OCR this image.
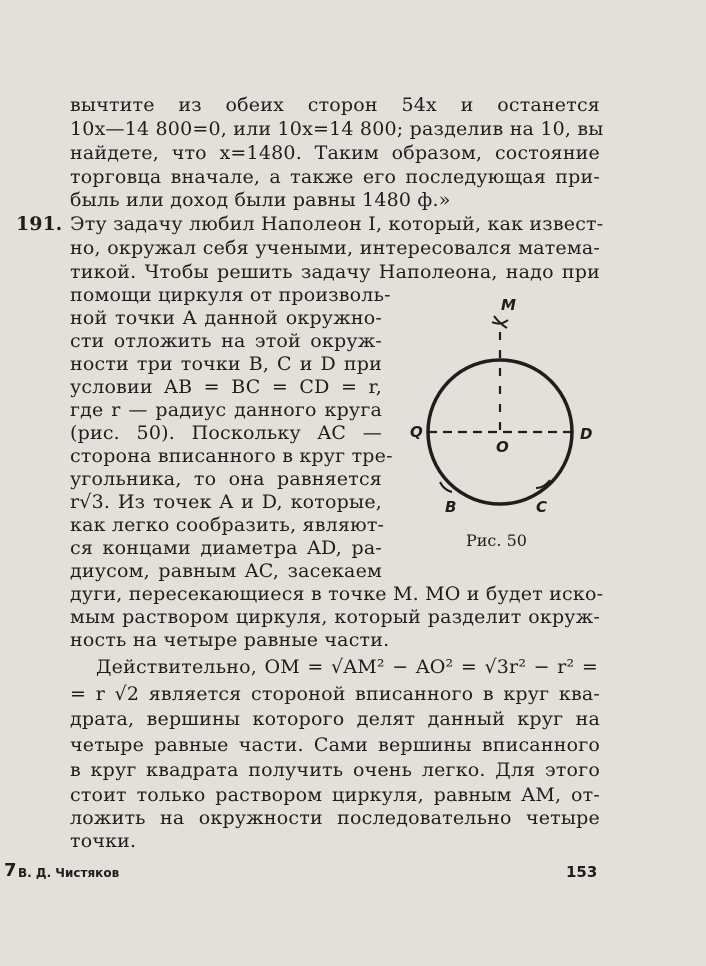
вычтите из обеих сторон 54x и останется
10x—14 800=0, или 10x=14 800; разделив на 10, вы
найдете, что x=1480. Таким образом, состояние
торговца вначале, а также его последующая при-
быль или доход были равны 1480 ф.»
191. Эту задачу любил Наполеон I, который, как извест-
но, окружал себя учеными, интересовался матема-
тикой. Чтобы решить задачу Наполеона, надо при
помощи циркуля от произволь-
ной точки A данной окружно-
сти отложить на этой окруж-
ности три точки B, C и D при
условии AB = BC = CD = r,
где r — радиус данного круга
(рис. 50). Поскольку AC —
сторона вписанного в круг тре-
угольника, то она равняется
r√3. Из точек A и D, которые,
как легко сообразить, являют-
ся концами диаметра AD, ра-
диусом, равным AC, засекаем
дуги, пересекающиеся в точке M. MO и будет иско-
мым раствором циркуля, который разделит окруж-
ность на четыре равные части.
Действительно, OM = √AM² − AO² = √3r² − r² =
= r √2 является стороной вписанного в круг ква-
драта, вершины которого делят данный круг на
четыре равные части. Сами вершины вписанного
в круг квадрата получить очень легко. Для этого
стоит только раствором циркуля, равным AM, от-
ложить на окружности последовательно четыре
точки.
M
Q
O
D
B	C
Рис. 50
7 В. Д. Чистяков	153
